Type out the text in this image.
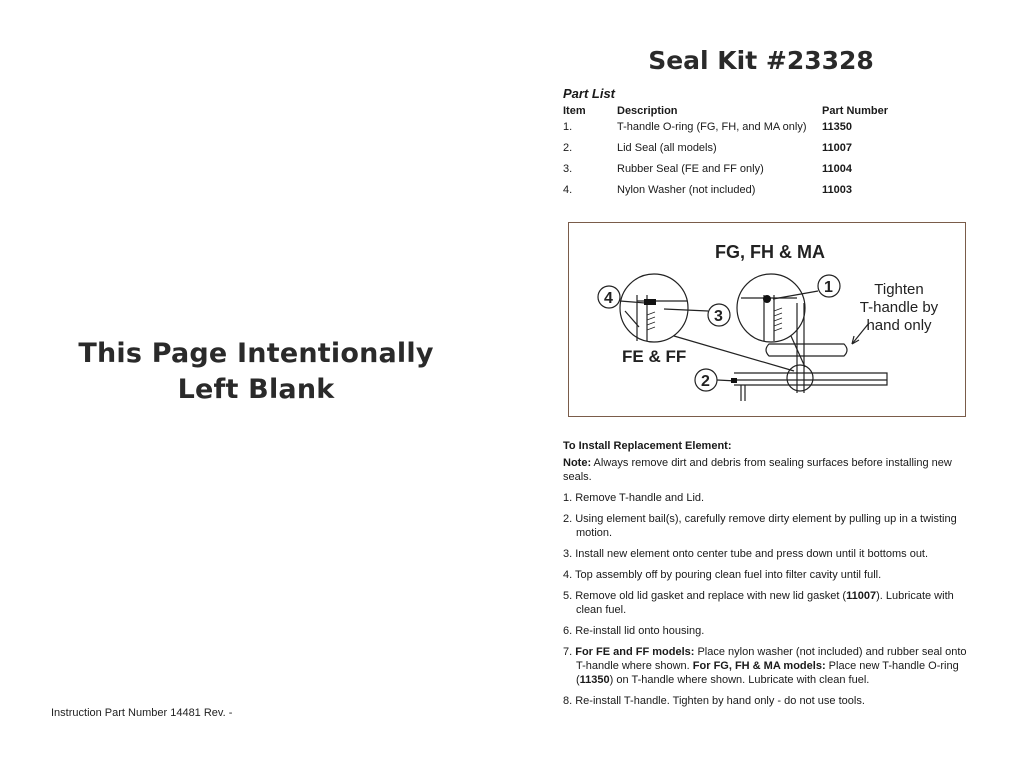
This Page Intentionally
Left Blank
Instruction Part Number 14481 Rev. -
Seal Kit #23328
Part List
Item	Description	Part Number
1.	T-handle O-ring (FG, FH, and MA only)	11350
2.	Lid Seal (all models)	11007
3.	Rubber Seal (FE and FF only)	11004
4.	Nylon Washer (not included)	11003
FG, FH & MA
FE & FF
4
3
1
2
Tighten
T-handle by
hand only
To Install Replacement Element:
Note: Always remove dirt and debris from sealing surfaces before installing new seals.
1. Remove T-handle and Lid.
2. Using element bail(s), carefully remove dirty element by pulling up in a twisting motion.
3. Install new element onto center tube and press down until it bottoms out.
4. Top assembly off by pouring clean fuel into filter cavity until full.
5. Remove old lid gasket and replace with new lid gasket (11007). Lubricate with clean fuel.
6. Re-install lid onto housing.
7. For FE and FF models: Place nylon washer (not included) and rubber seal onto T-handle where shown. For FG, FH & MA models: Place new T-handle O-ring (11350) on T-handle where shown. Lubricate with clean fuel.
8. Re-install T-handle. Tighten by hand only - do not use tools.
